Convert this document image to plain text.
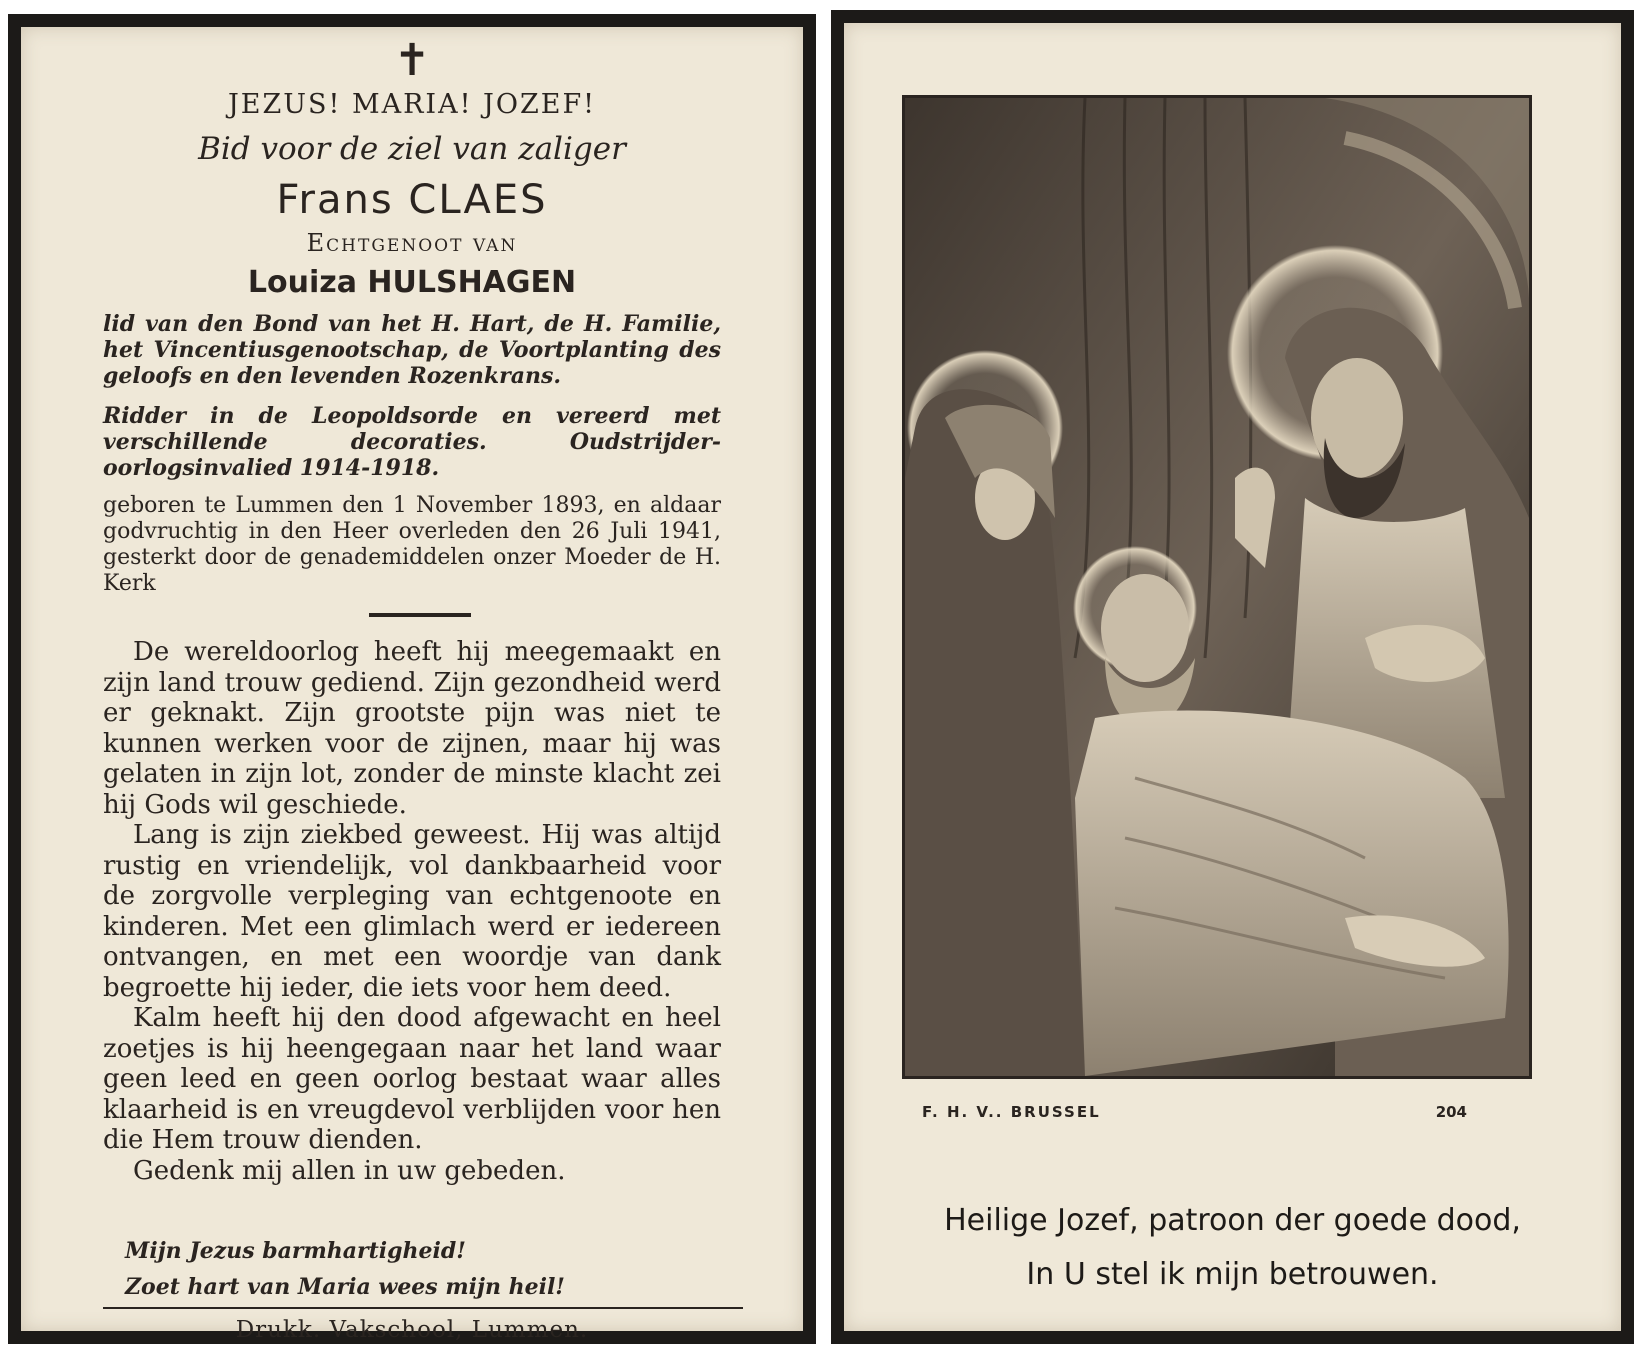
✝
JEZUS! MARIA! JOZEF!
Bid voor de ziel van zaliger
Frans CLAES
Echtgenoot van
Louiza HULSHAGEN
lid van den Bond van het H. Hart, de H. Familie, het Vincentiusgenootschap, de Voortplanting des geloofs en den levenden Rozenkrans.
Ridder in de Leopoldsorde en vereerd met verschillende decoraties. Oudstrijder-oorlogsinvalied 1914-1918.
geboren te Lummen den 1 November 1893, en aldaar godvruchtig in den Heer overleden den 26 Juli 1941, gesterkt door de genademiddelen onzer Moeder de H. Kerk

De wereldoorlog heeft hij meegemaakt en zijn land trouw gediend. Zijn gezondheid werd er geknakt. Zijn grootste pijn was niet te kunnen werken voor de zijnen, maar hij was gelaten in zijn lot, zonder de minste klacht zei hij Gods wil geschiede.

Lang is zijn ziekbed geweest. Hij was altijd rustig en vriendelijk, vol dankbaarheid voor de zorgvolle verpleging van echtgenoote en kinderen. Met een glimlach werd er iedereen ontvangen, en met een woordje van dank begroette hij ieder, die iets voor hem deed.

Kalm heeft hij den dood afgewacht en heel zoetjes is hij heengegaan naar het land waar geen leed en geen oorlog bestaat waar alles klaarheid is en vreugdevol verblijden voor hen die Hem trouw dienden.

Gedenk mij allen in uw gebeden.

Mijn Jezus barmhartigheid!
Zoet hart van Maria wees mijn heil!
Drukk. Vakschool, Lummen.
F. H. V.. BRUSSEL	204
Heilige Jozef, patroon der goede dood,
In U stel ik mijn betrouwen.
